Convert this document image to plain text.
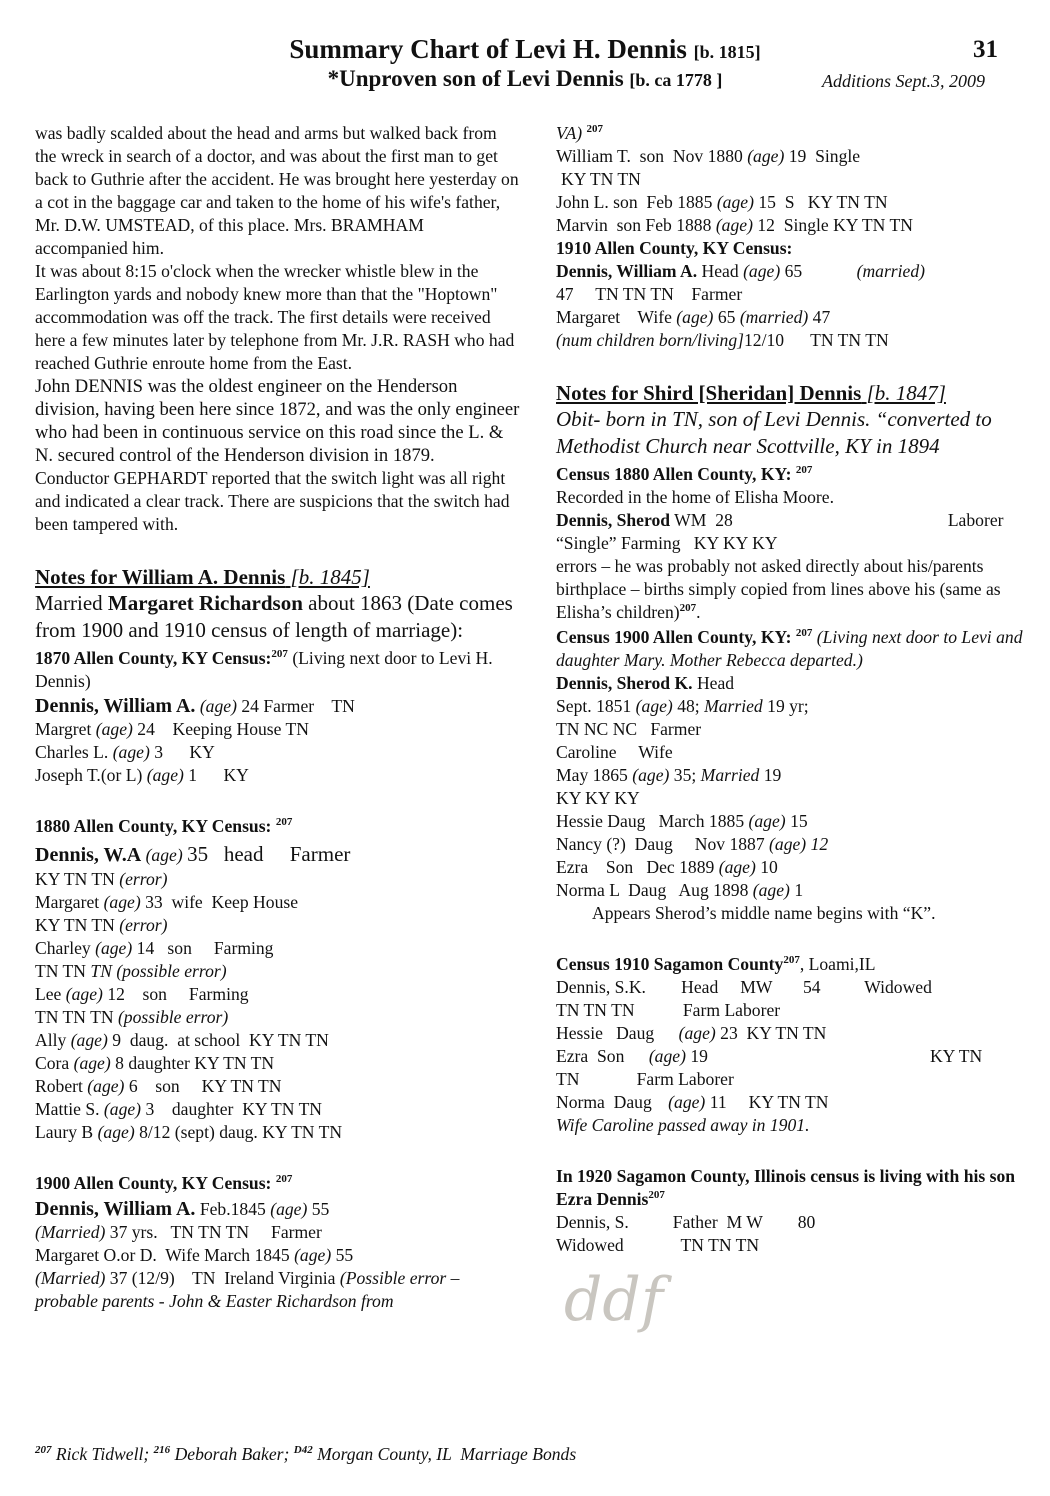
Summary Chart of Levi H. Dennis [b. 1815]
*Unproven son of Levi Dennis [b. ca 1778 ]
31
Additions Sept.3, 2009

was badly scalded about the head and arms but walked back from the wreck in search of a doctor, and was about the first man to get back to Guthrie after the accident. He was brought here yesterday on a cot in the baggage car and taken to the home of his wife's father, Mr. D.W. UMSTEAD, of this place. Mrs. BRAMHAM accompanied him.

It was about 8:15 o'clock when the wrecker whistle blew in the Earlington yards and nobody knew more than that the "Hoptown" accommodation was off the track. The first details were received here a few minutes later by telephone from Mr. J.R. RASH who had reached Guthrie enroute home from the East.

John DENNIS was the oldest engineer on the Henderson division, having been here since 1872, and was the only engineer who had been in continuous service on this road since the L. & N. secured control of the Henderson division in 1879.

Conductor GEPHARDT reported that the switch light was all right and indicated a clear track. There are suspicions that the switch had been tampered with.

Notes for William A. Dennis [b. 1845]

Married Margaret Richardson about 1863 (Date comes from 1900 and 1910 census of length of marriage):

1870 Allen County, KY Census:$^{207}$ (Living next door to Levi H. Dennis)

Dennis, William A. (age) 24 Farmer    TN

Margret (age) 24    Keeping House TN

Charles L. (age) 3      KY

Joseph T.(or L) (age) 1      KY

1880 Allen County, KY Census: $^{207}$

Dennis, W.A (age) 35   head     Farmer

KY TN TN (error)

Margaret (age) 33  wife  Keep House

KY TN TN (error)

Charley (age) 14   son     Farming

TN TN TN (possible error)

Lee (age) 12    son     Farming

TN TN TN (possible error)

Ally (age) 9  daug.  at school  KY TN TN

Cora (age) 8 daughter KY TN TN

Robert (age) 6    son     KY TN TN

Mattie S. (age) 3    daughter  KY TN TN

Laury B (age) 8/12 (sept) daug. KY TN TN

1900 Allen County, KY Census: $^{207}$

Dennis, William A. Feb.1845 (age) 55

(Married) 37 yrs.   TN TN TN     Farmer

Margaret O.or D.  Wife March 1845 (age) 55

(Married) 37 (12/9)    TN  Ireland Virginia (Possible error – probable parents - John & Easter Richardson from

VA) $^{207}$

William T.  son  Nov 1880 (age) 19  Single

KY TN TN

John L. son  Feb 1885 (age) 15  S   KY TN TN

Marvin  son Feb 1888 (age) 12  Single KY TN TN

1910 Allen County, KY Census:

Dennis, William A. Head (age) 65	(married)

47     TN TN TN    Farmer

Margaret    Wife (age) 65 (married) 47

(num children born/living]12/10      TN TN TN

Notes for Shird [Sheridan] Dennis [b. 1847]

Obit- born in TN, son of Levi Dennis. “converted to Methodist Church near Scottville, KY in 1894

Census 1880 Allen County, KY: $^{207}$

Recorded in the home of Elisha Moore.

Dennis, Sherod WM  28	Laborer

“Single” Farming   KY KY KY

errors – he was probably not asked directly about his/parents birthplace – births simply copied from lines above his (same as Elisha’s children)$^{207}$.

Census 1900 Allen County, KY: $^{207}$ (Living next door to Levi and daughter Mary. Mother Rebecca departed.)

Dennis, Sherod K. Head

Sept. 1851 (age) 48; Married 19 yr;

TN NC NC   Farmer

Caroline     Wife

May 1865 (age) 35; Married 19

KY KY KY

Hessie Daug   March 1885 (age) 15

Nancy (?)  Daug     Nov 1887 (age) 12

Ezra    Son   Dec 1889 (age) 10

Norma L  Daug   Aug 1898 (age) 1

Appears Sherod’s middle name begins with “K”.

Census 1910 Sagamon County$^{207}$, Loami,IL

Dennis, S.K.        Head     MW       54          Widowed

TN TN TN           Farm Laborer

Hessie   Daug (age) 23  KY TN TN

Ezra  Son (age) 19	KY TN

TN             Farm Laborer

Norma  Daug (age) 11     KY TN TN

Wife Caroline passed away in 1901.

In 1920 Sagamon County, Illinois census is living with his son Ezra Dennis$^{207}$

Dennis, S.          Father  M W        80

Widowed             TN TN TN

ddf
$^{207}$ Rick Tidwell; $^{216}$ Deborah Baker; $^{D42}$ Morgan County, IL  Marriage Bonds
